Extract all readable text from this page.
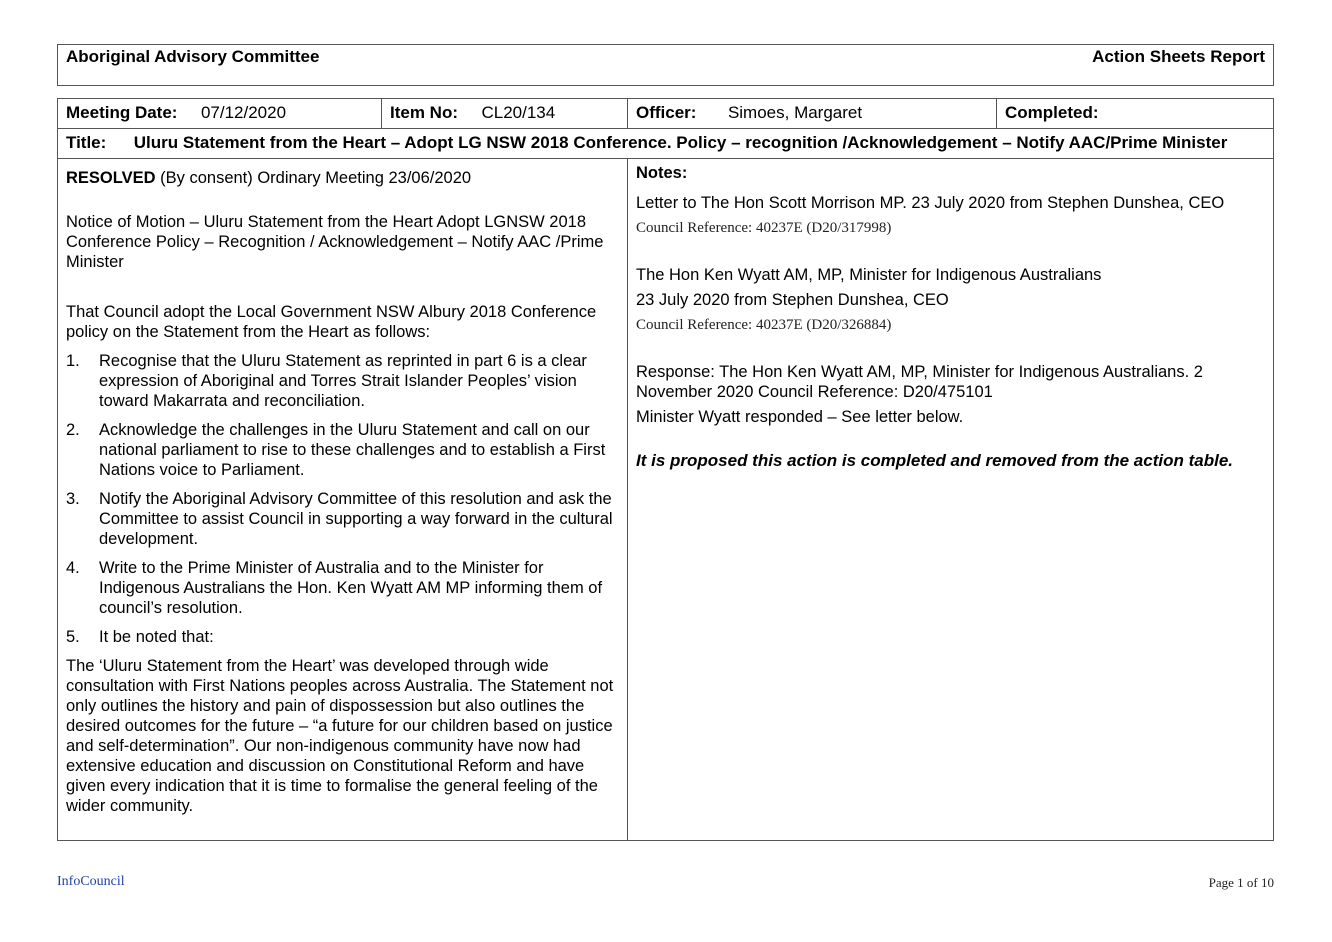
Aboriginal Advisory Committee	Action Sheets Report
Meeting Date: 07/12/2020	Item No: CL20/134	Officer: Simoes, Margaret	Completed:
Title: Uluru Statement from the Heart – Adopt LG NSW 2018 Conference. Policy – recognition /Acknowledgement – Notify AAC/Prime Minister

RESOLVED (By consent) Ordinary Meeting 23/06/2020

Notice of Motion – Uluru Statement from the Heart Adopt LGNSW 2018 Conference Policy – Recognition / Acknowledgement – Notify AAC /Prime Minister

That Council adopt the Local Government NSW Albury 2018 Conference policy on the Statement from the Heart as follows:

1.	Recognise that the Uluru Statement as reprinted in part 6 is a clear expression of Aboriginal and Torres Strait Islander Peoples’ vision toward Makarrata and reconciliation.
2.	Acknowledge the challenges in the Uluru Statement and call on our national parliament to rise to these challenges and to establish a First Nations voice to Parliament.
3.	Notify the Aboriginal Advisory Committee of this resolution and ask the Committee to assist Council in supporting a way forward in the cultural development.
4.	Write to the Prime Minister of Australia and to the Minister for Indigenous Australians the Hon. Ken Wyatt AM MP informing them of council’s resolution.
5.	It be noted that:

The ‘Uluru Statement from the Heart’ was developed through wide consultation with First Nations peoples across Australia. The Statement not only outlines the history and pain of dispossession but also outlines the desired outcomes for the future – “a future for our children based on justice and self-determination”. Our non-indigenous community have now had extensive education and discussion on Constitutional Reform and have given every indication that it is time to formalise the general feeling of the wider community.

Notes:

Letter to The Hon Scott Morrison MP. 23 July 2020 from Stephen Dunshea, CEO

Council Reference: 40237E (D20/317998)

The Hon Ken Wyatt AM, MP, Minister for Indigenous Australians

23 July 2020 from Stephen Dunshea, CEO

Council Reference: 40237E (D20/326884)

Response: The Hon Ken Wyatt AM, MP, Minister for Indigenous Australians. 2 November 2020 Council Reference: D20/475101

Minister Wyatt responded – See letter below.

It is proposed this action is completed and removed from the action table.

InfoCouncil	Page 1 of 10
